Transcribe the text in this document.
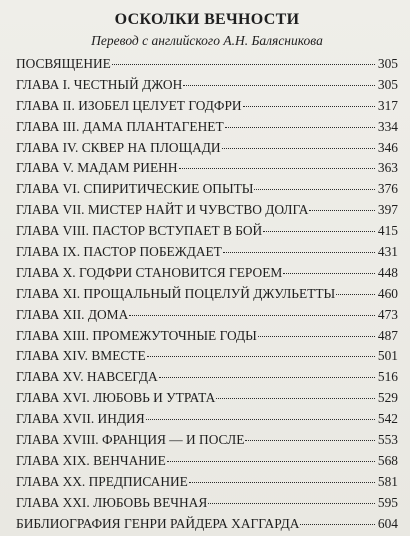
ОСКОЛКИ ВЕЧНОСТИ
Перевод с английского А.Н. Балясникова
ПОСВЯЩЕНИЕ	305
ГЛАВА I. ЧЕСТНЫЙ ДЖОН	305
ГЛАВА II. ИЗОБЕЛ ЦЕЛУЕТ ГОДФРИ	317
ГЛАВА III. ДАМА ПЛАНТАГЕНЕТ	334
ГЛАВА IV. СКВЕР НА ПЛОЩАДИ	346
ГЛАВА V. МАДАМ РИЕНН	363
ГЛАВА VI. СПИРИТИЧЕСКИЕ ОПЫТЫ	376
ГЛАВА VII. МИСТЕР НАЙТ И ЧУВСТВО ДОЛГА	397
ГЛАВА VIII. ПАСТОР ВСТУПАЕТ В БОЙ	415
ГЛАВА IX. ПАСТОР ПОБЕЖДАЕТ	431
ГЛАВА X. ГОДФРИ СТАНОВИТСЯ ГЕРОЕМ	448
ГЛАВА XI. ПРОЩАЛЬНЫЙ ПОЦЕЛУЙ ДЖУЛЬЕТТЫ	460
ГЛАВА XII. ДОМА	473
ГЛАВА XIII. ПРОМЕЖУТОЧНЫЕ ГОДЫ	487
ГЛАВА XIV. ВМЕСТЕ	501
ГЛАВА XV. НАВСЕГДА	516
ГЛАВА XVI. ЛЮБОВЬ И УТРАТА	529
ГЛАВА XVII. ИНДИЯ	542
ГЛАВА XVIII. ФРАНЦИЯ — И ПОСЛЕ	553
ГЛАВА XIX. ВЕНЧАНИЕ	568
ГЛАВА XX. ПРЕДПИСАНИЕ	581
ГЛАВА XXI. ЛЮБОВЬ ВЕЧНАЯ	595
БИБЛИОГРАФИЯ ГЕНРИ РАЙДЕРА ХАГГАРДА	604
